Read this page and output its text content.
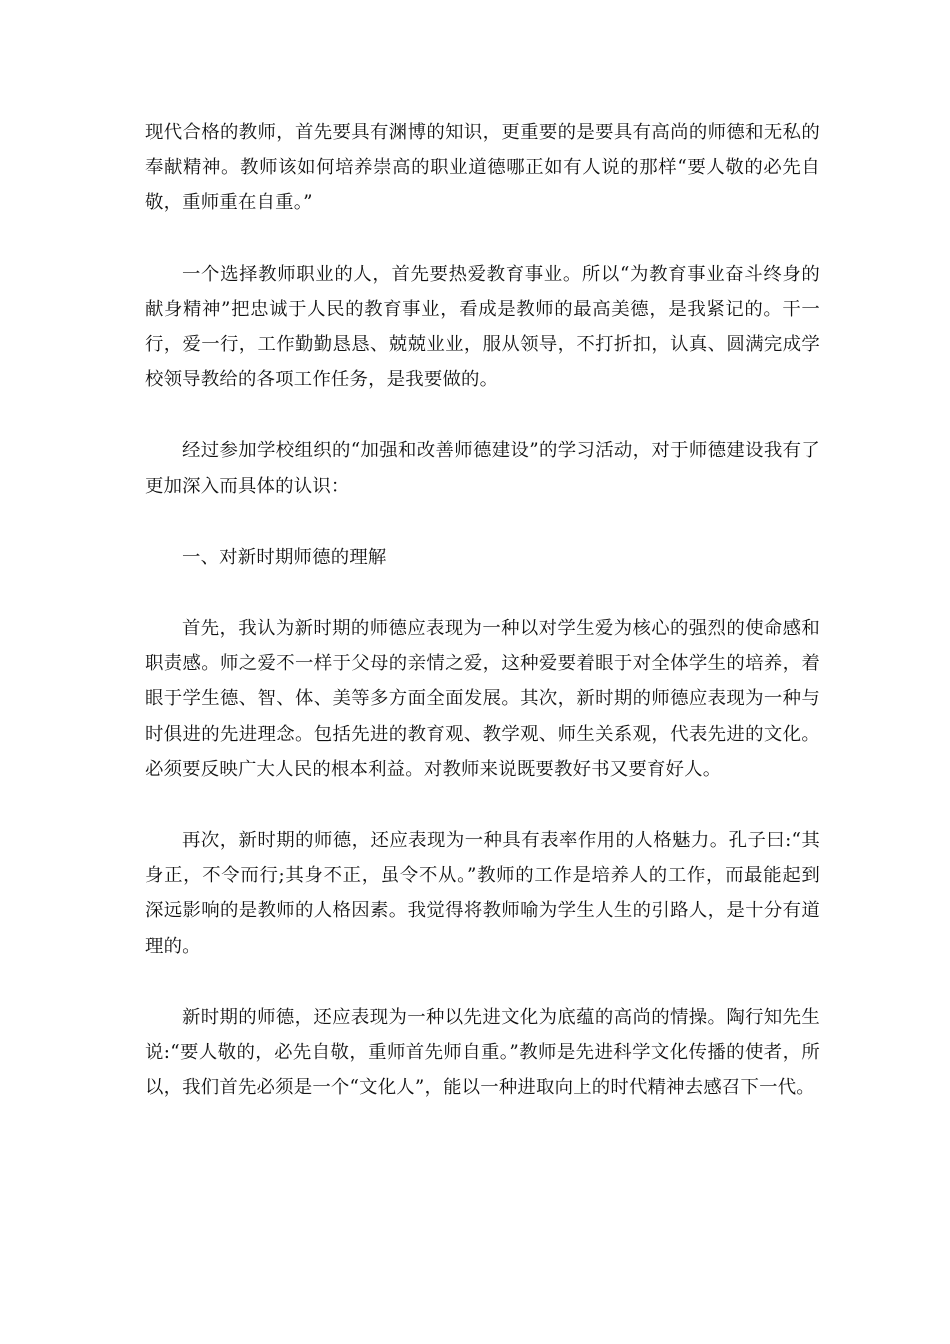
现代合格的教师，首先要具有渊博的知识，更重要的是要具有高尚的师德和无私的奉献精神。教师该如何培养崇高的职业道德哪正如有人说的那样“要人敬的必先自敬，重师重在自重。”

一个选择教师职业的人，首先要热爱教育事业。所以“为教育事业奋斗终身的献身精神”把忠诚于人民的教育事业，看成是教师的最高美德，是我紧记的。干一行，爱一行，工作勤勤恳恳、兢兢业业，服从领导，不打折扣，认真、圆满完成学校领导教给的各项工作任务，是我要做的。

经过参加学校组织的“加强和改善师德建设”的学习活动，对于师德建设我有了更加深入而具体的认识：

一、对新时期师德的理解

首先，我认为新时期的师德应表现为一种以对学生爱为核心的强烈的使命感和职责感。师之爱不一样于父母的亲情之爱，这种爱要着眼于对全体学生的培养，着眼于学生德、智、体、美等多方面全面发展。其次，新时期的师德应表现为一种与时俱进的先进理念。包括先进的教育观、教学观、师生关系观，代表先进的文化。必须要反映广大人民的根本利益。对教师来说既要教好书又要育好人。

再次，新时期的师德，还应表现为一种具有表率作用的人格魅力。孔子曰:“其身正，不令而行;其身不正，虽令不从。”教师的工作是培养人的工作，而最能起到深远影响的是教师的人格因素。我觉得将教师喻为学生人生的引路人，是十分有道理的。

新时期的师德，还应表现为一种以先进文化为底蕴的高尚的情操。陶行知先生说:“要人敬的，必先自敬，重师首先师自重。”教师是先进科学文化传播的使者，所以，我们首先必须是一个“文化人”，能以一种进取向上的时代精神去感召下一代。
